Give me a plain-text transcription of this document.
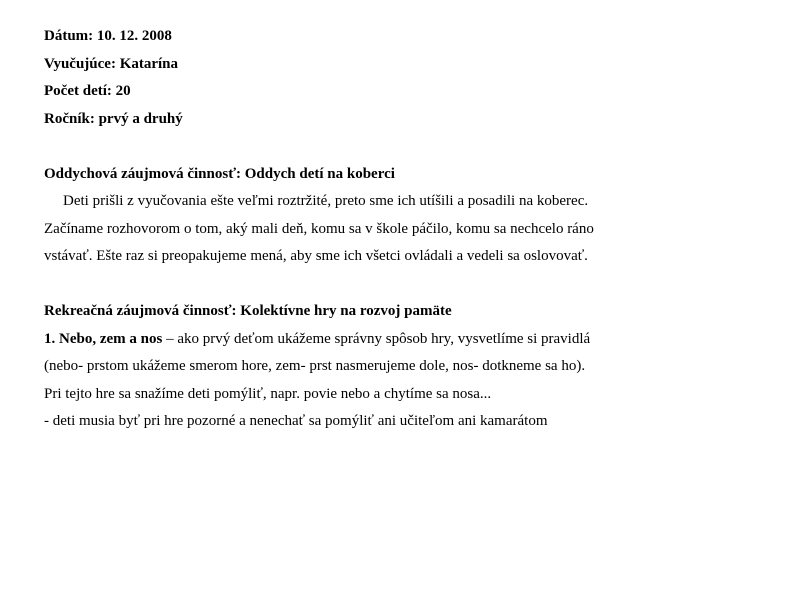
Dátum: 10. 12. 2008
Vyučujúce: Katarína
Počet detí: 20
Ročník: prvý a druhý
Oddychová záujmová činnosť: Oddych detí na koberci
Deti prišli z vyučovania ešte veľmi roztržité, preto sme ich utíšili a posadili na koberec.
Začíname rozhovorom o tom, aký mali deň, komu sa v škole páčilo, komu sa nechcelo ráno
vstávať. Ešte raz si preopakujeme mená, aby sme ich všetci ovládali a vedeli sa oslovovať.
Rekreačná záujmová činnosť: Kolektívne hry na rozvoj pamäte
1. Nebo, zem a nos – ako prvý deťom ukážeme správny spôsob hry, vysvetlíme si pravidlá
(nebo- prstom ukážeme smerom hore, zem- prst nasmerujeme dole, nos- dotkneme sa ho).
Pri tejto hre sa snažíme deti pomýliť, napr. povie nebo a chytíme sa nosa...
- deti musia byť pri hre pozorné a nenechať sa pomýliť ani učiteľom ani kamarátom
